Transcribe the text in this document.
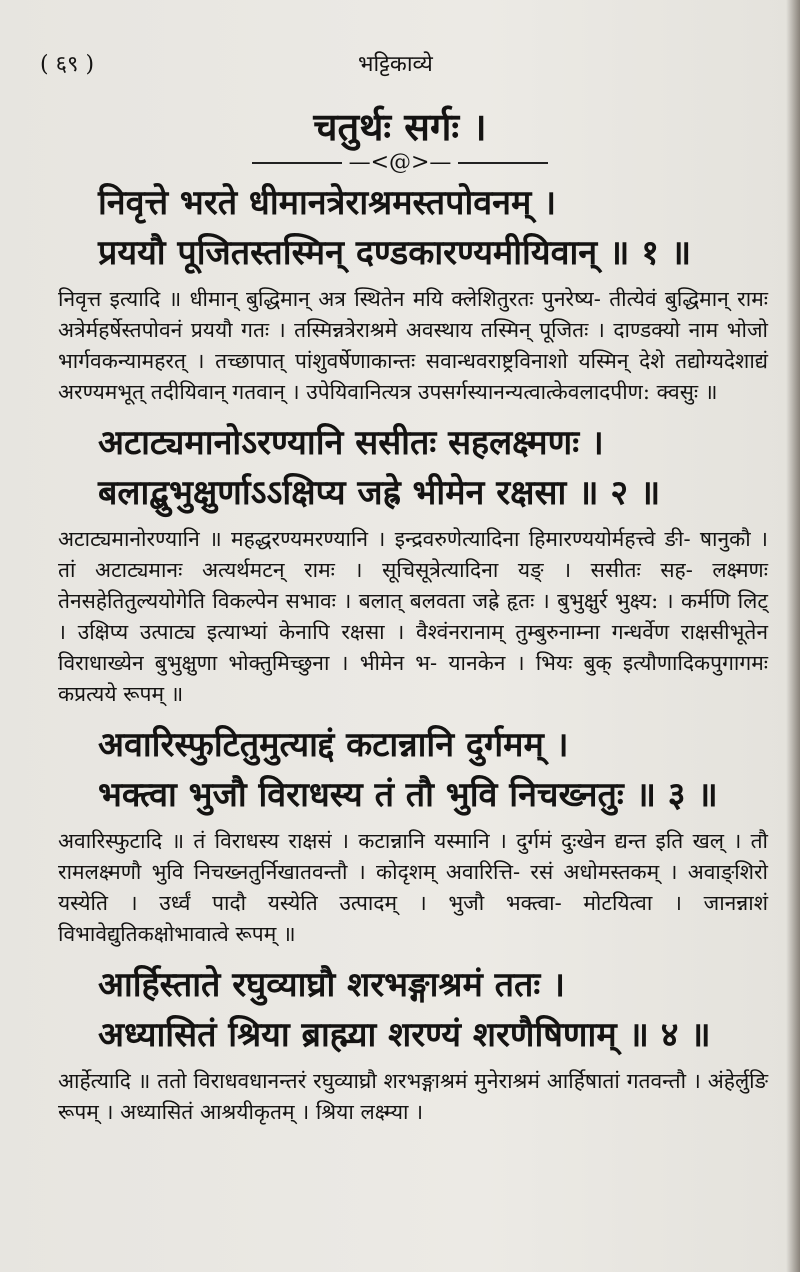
( ६९ )	भट्टिकाव्ये
चतुर्थः सर्गः ।
—<@>—
निवृत्ते भरते धीमानत्रेराश्रमस्तपोवनम् ।
प्रययौ पूजितस्तस्मिन् दण्डकारण्यमीयिवान् ॥ १ ॥
निवृत्त इत्यादि ॥ धीमान् बुद्धिमान् अत्र स्थितेन मयि क्लेशितुरतः पुनरेष्य- तीत्येवं बुद्धिमान् रामः अत्रेर्महर्षेस्तपोवनं प्रययौ गतः । तस्मिन्नत्रेराश्रमे अवस्थाय तस्मिन् पूजितः । दाण्डक्यो नाम भोजो भार्गवकन्यामहरत् । तच्छापात् पांशुवर्षेणाकान्तः सवान्धवराष्ट्रविनाशो यस्मिन् देशे तद्योग्यदेशाद्यं अरण्यमभूत् तदीयिवान् गतवान् । उपेयिवानित्यत्र उपसर्गस्यानन्यत्वात्केवलादपीण: क्वसुः ॥
अटाट्यमानोऽरण्यानि ससीतः सहलक्ष्मणः ।
बलाद्बुभुक्षुर्णाऽऽक्षिप्य जह्रे भीमेन रक्षसा ॥ २ ॥
अटाट्यमानोरण्यानि ॥ महद्धरण्यमरण्यानि । इन्द्रवरुणेत्यादिना हिमारण्ययोर्महत्त्वे ङी- षानुकौ । तां अटाट्यमानः अत्यर्थमटन् रामः । सूचिसूत्रेत्यादिना यङ् । ससीतः सह- लक्ष्मणः तेनसहेतितुल्ययोगेति विकल्पेन सभावः । बलात् बलवता जह्रे हृतः । बुभुक्षुर्र भुक्ष्य: । कर्मणि लिट् । उक्षिप्य उत्पाट्य इत्याभ्यां केनापि रक्षसा । वैश्वंनरानाम् तुम्बुरुनाम्ना गन्धर्वेण राक्षसीभूतेन विराधाख्येन बुभुक्षुणा भोक्तुमिच्छुना । भीमेन भ- यानकेन । भियः बुक् इत्यौणादिकपुगागमः कप्रत्यये रूपम् ॥
अवारिस्फुटितुमुत्याद्दं कटान्नानि दुर्गमम् ।
भक्त्वा भुजौ विराधस्य तं तौ भुवि निचख्नतुः ॥ ३ ॥
अवारिस्फुटादि ॥ तं विराधस्य राक्षसं । कटान्नानि यस्मानि । दुर्गमं दुःखेन द्यन्त इति खल् । तौ रामलक्ष्मणौ भुवि निचख्नतुर्निखातवन्तौ । कोदृशम् अवारित्ति- रसं अधोमस्तकम् । अवाङ्शिरो यस्येति । उर्ध्वं पादौ यस्येति उत्पादम् । भुजौ भक्त्वा- मोटयित्वा । जानन्नाशं विभावेद्युतिकक्षोभावात्वे रूपम् ॥
आर्हिस्ताते रघुव्याघ्रौ शरभङ्गाश्रमं ततः ।
अध्यासितं श्रिया ब्राह्म्या शरण्यं शरणैषिणाम् ॥ ४ ॥
आर्हेत्यादि ॥ ततो विराधवधानन्तरं रघुव्याघ्रौ शरभङ्गाश्रमं मुनेराश्रमं आर्हिषातां गतवन्तौ । अंहेर्लुङि रूपम् । अध्यासितं आश्रयीकृतम् । श्रिया लक्ष्म्या ।
